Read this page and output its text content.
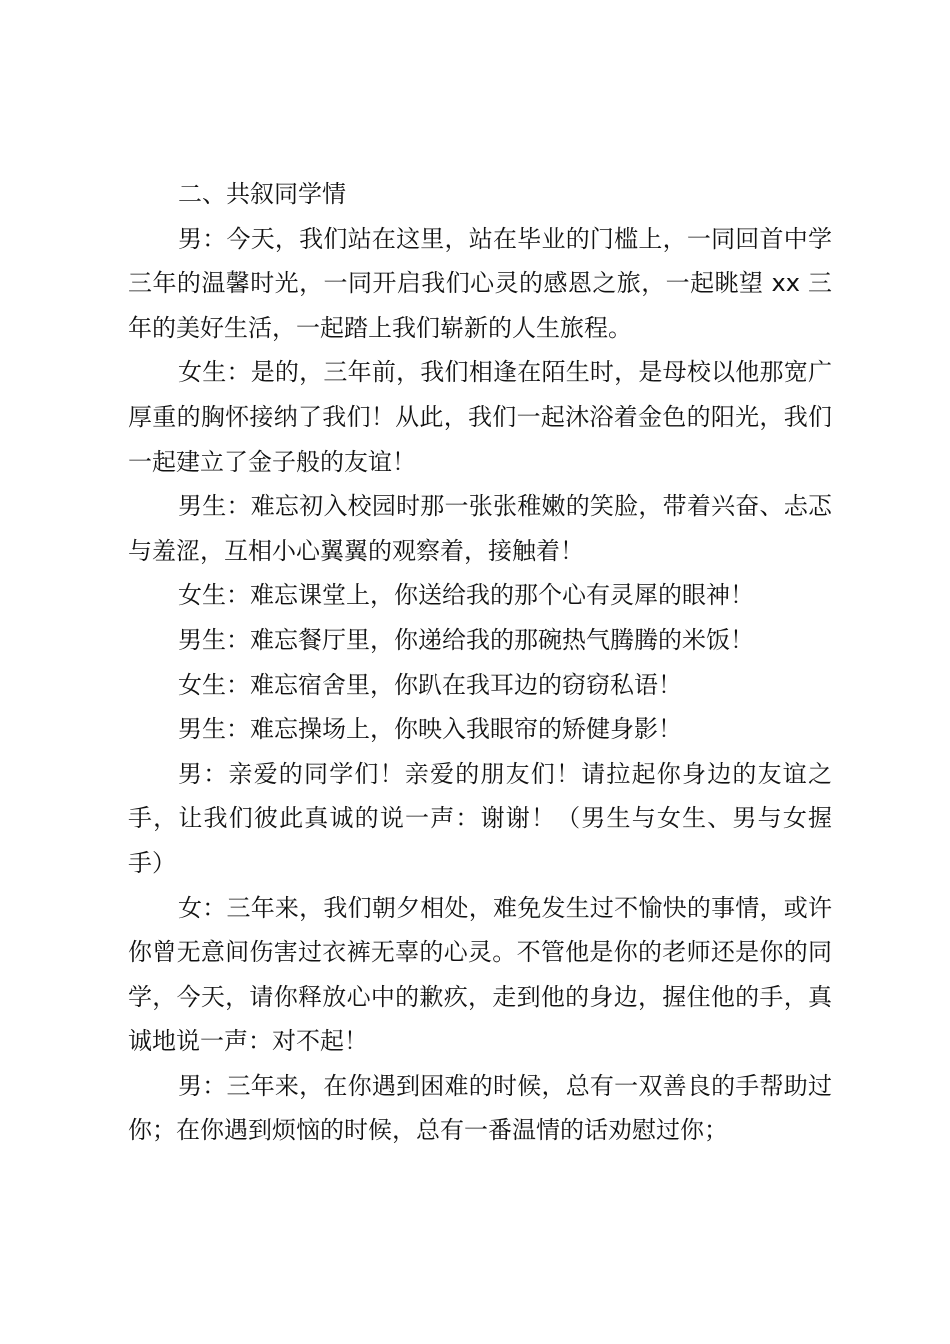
二、共叙同学情

男：今天，我们站在这里，站在毕业的门槛上，一同回首中学三年的温馨时光，一同开启我们心灵的感恩之旅，一起眺望 xx 三年的美好生活，一起踏上我们崭新的人生旅程。

女生：是的，三年前，我们相逢在陌生时，是母校以他那宽广厚重的胸怀接纳了我们！从此，我们一起沐浴着金色的阳光，我们一起建立了金子般的友谊！

男生：难忘初入校园时那一张张稚嫩的笑脸，带着兴奋、忐忑与羞涩，互相小心翼翼的观察着，接触着！

女生：难忘课堂上，你送给我的那个心有灵犀的眼神！

男生：难忘餐厅里，你递给我的那碗热气腾腾的米饭！

女生：难忘宿舍里，你趴在我耳边的窃窃私语！

男生：难忘操场上，你映入我眼帘的矫健身影！

男：亲爱的同学们！亲爱的朋友们！请拉起你身边的友谊之手，让我们彼此真诚的说一声：谢谢！（男生与女生、男与女握手）

女：三年来，我们朝夕相处，难免发生过不愉快的事情，或许你曾无意间伤害过衣裤无辜的心灵。不管他是你的老师还是你的同学，今天，请你释放心中的歉疚，走到他的身边，握住他的手，真诚地说一声：对不起！

男：三年来，在你遇到困难的时候，总有一双善良的手帮助过你；在你遇到烦恼的时候，总有一番温情的话劝慰过你；
